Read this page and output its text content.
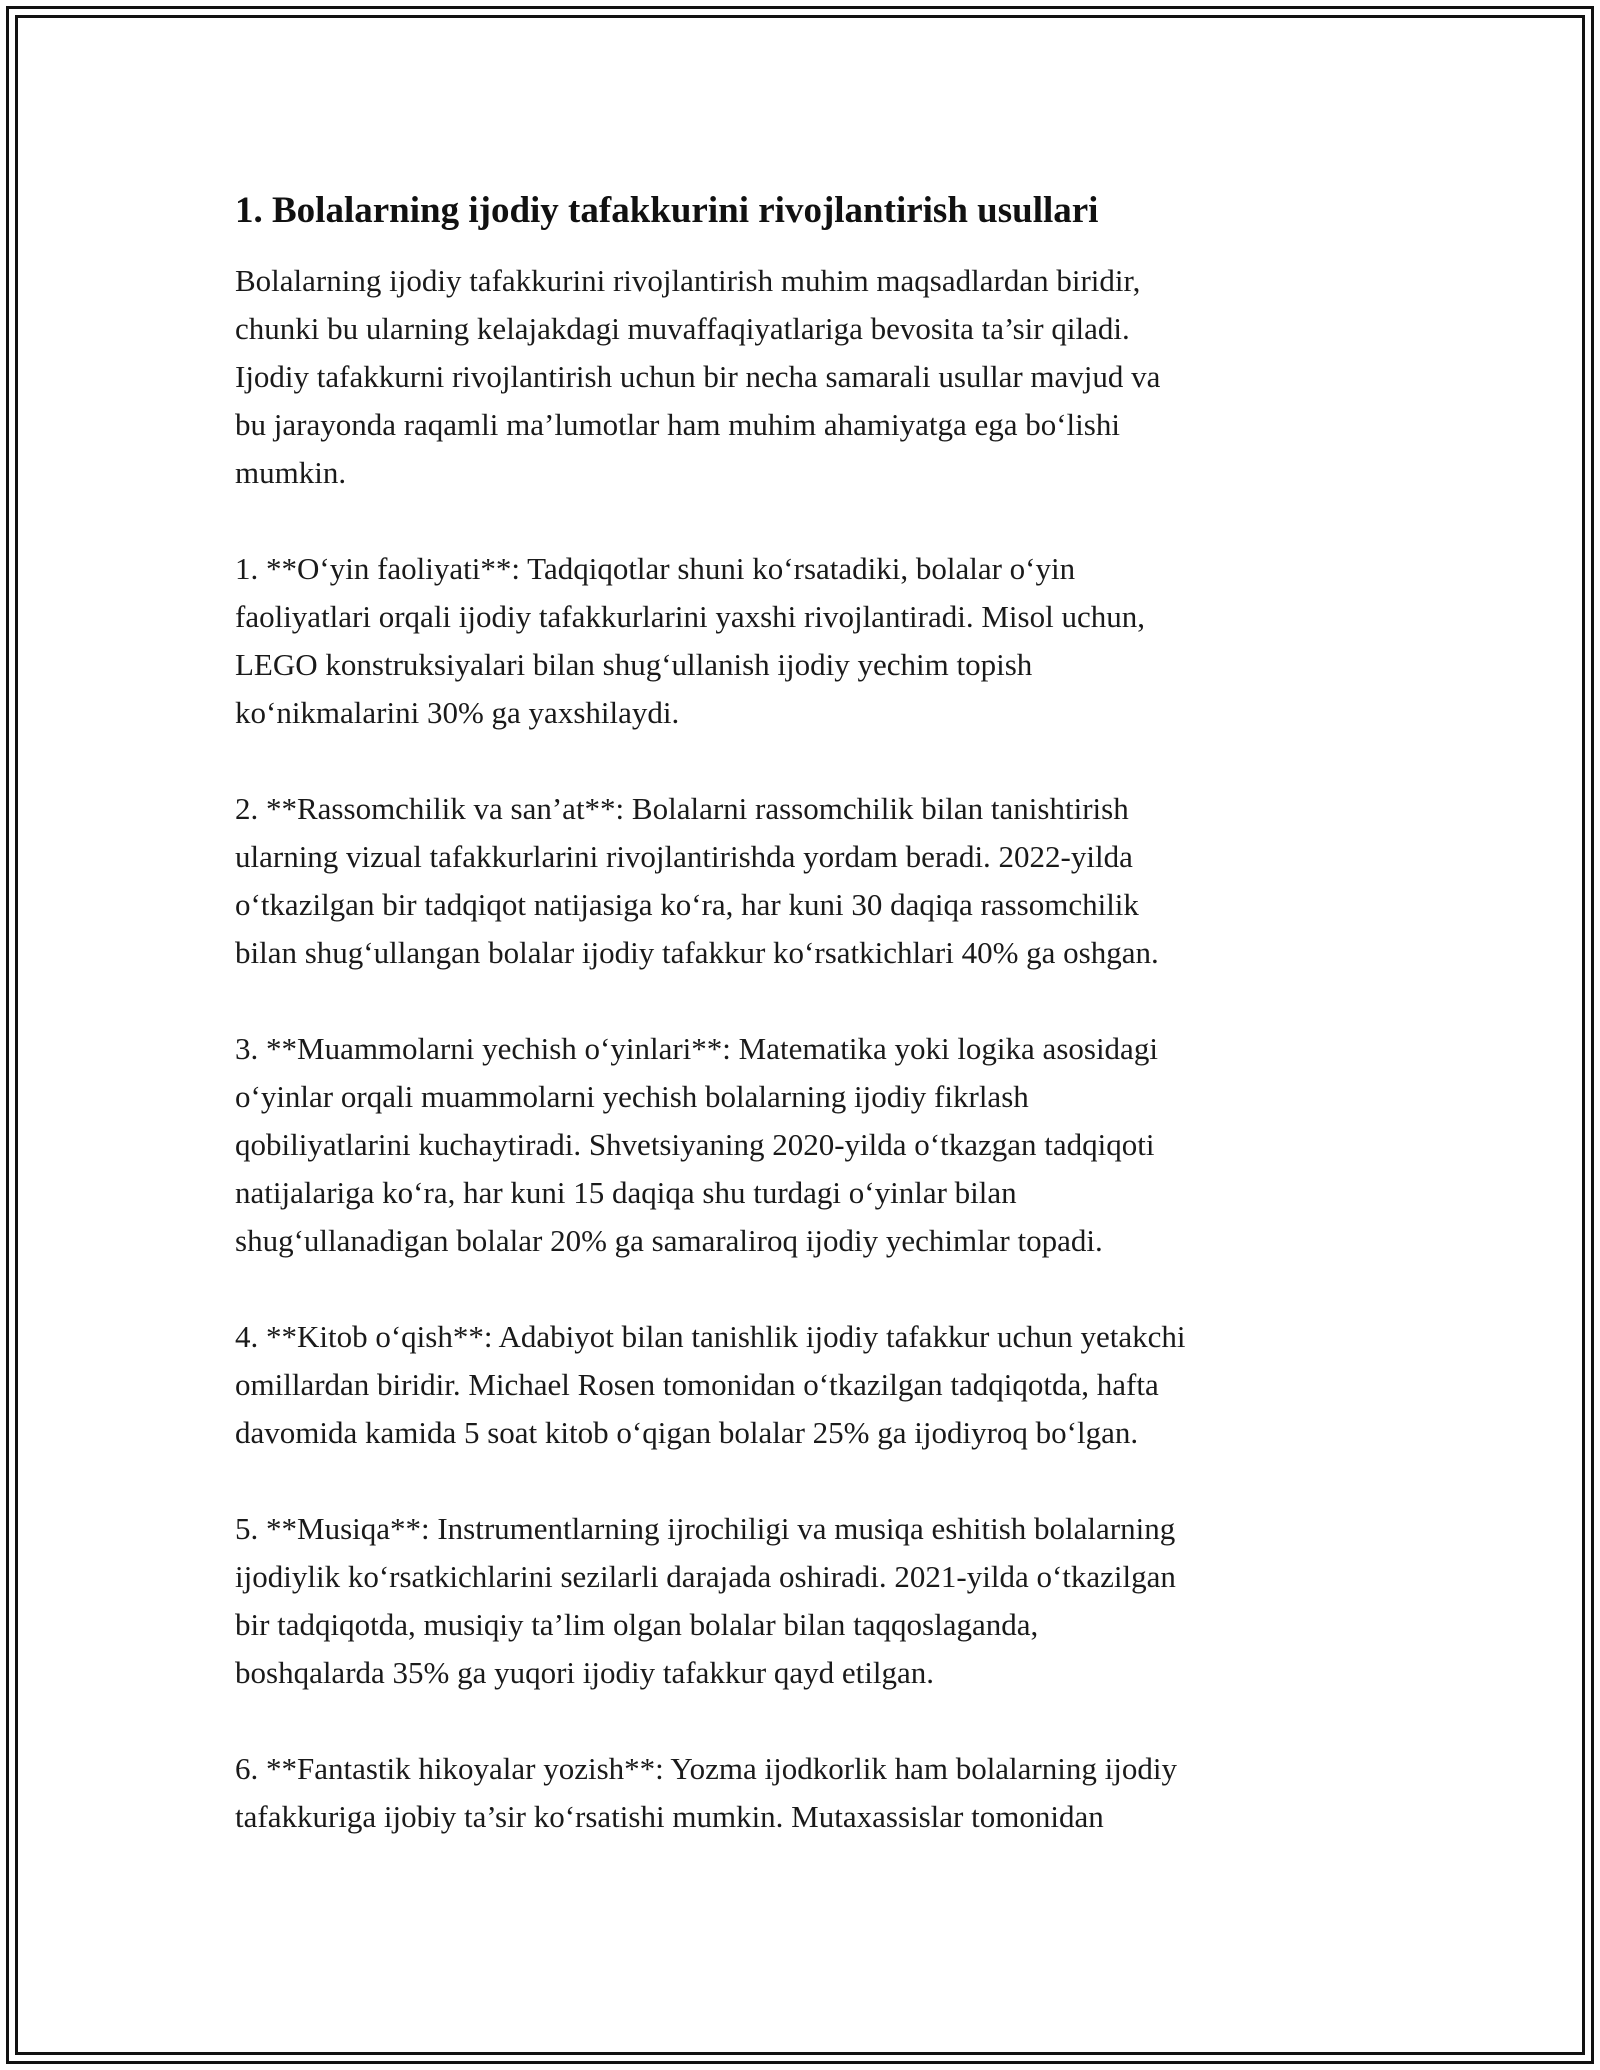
1. Bolalarning ijodiy tafakkurini rivojlantirish usullari

Bolalarning ijodiy tafakkurini rivojlantirish muhim maqsadlardan biridir,
chunki bu ularning kelajakdagi muvaffaqiyatlariga bevosita ta’sir qiladi.
Ijodiy tafakkurni rivojlantirish uchun bir necha samarali usullar mavjud va
bu jarayonda raqamli ma’lumotlar ham muhim ahamiyatga ega bo‘lishi
mumkin.

1. **O‘yin faoliyati**: Tadqiqotlar shuni ko‘rsatadiki, bolalar o‘yin
faoliyatlari orqali ijodiy tafakkurlarini yaxshi rivojlantiradi. Misol uchun,
LEGO konstruksiyalari bilan shug‘ullanish ijodiy yechim topish
ko‘nikmalarini 30% ga yaxshilaydi.

2. **Rassomchilik va san’at**: Bolalarni rassomchilik bilan tanishtirish
ularning vizual tafakkurlarini rivojlantirishda yordam beradi. 2022-yilda
o‘tkazilgan bir tadqiqot natijasiga ko‘ra, har kuni 30 daqiqa rassomchilik
bilan shug‘ullangan bolalar ijodiy tafakkur ko‘rsatkichlari 40% ga oshgan.

3. **Muammolarni yechish o‘yinlari**: Matematika yoki logika asosidagi
o‘yinlar orqali muammolarni yechish bolalarning ijodiy fikrlash
qobiliyatlarini kuchaytiradi. Shvetsiyaning 2020-yilda o‘tkazgan tadqiqoti
natijalariga ko‘ra, har kuni 15 daqiqa shu turdagi o‘yinlar bilan
shug‘ullanadigan bolalar 20% ga samaraliroq ijodiy yechimlar topadi.

4. **Kitob o‘qish**: Adabiyot bilan tanishlik ijodiy tafakkur uchun yetakchi
omillardan biridir. Michael Rosen tomonidan o‘tkazilgan tadqiqotda, hafta
davomida kamida 5 soat kitob o‘qigan bolalar 25% ga ijodiyroq bo‘lgan.

5. **Musiqa**: Instrumentlarning ijrochiligi va musiqa eshitish bolalarning
ijodiylik ko‘rsatkichlarini sezilarli darajada oshiradi. 2021-yilda o‘tkazilgan
bir tadqiqotda, musiqiy ta’lim olgan bolalar bilan taqqoslaganda,
boshqalarda 35% ga yuqori ijodiy tafakkur qayd etilgan.

6. **Fantastik hikoyalar yozish**: Yozma ijodkorlik ham bolalarning ijodiy
tafakkuriga ijobiy ta’sir ko‘rsatishi mumkin. Mutaxassislar tomonidan
